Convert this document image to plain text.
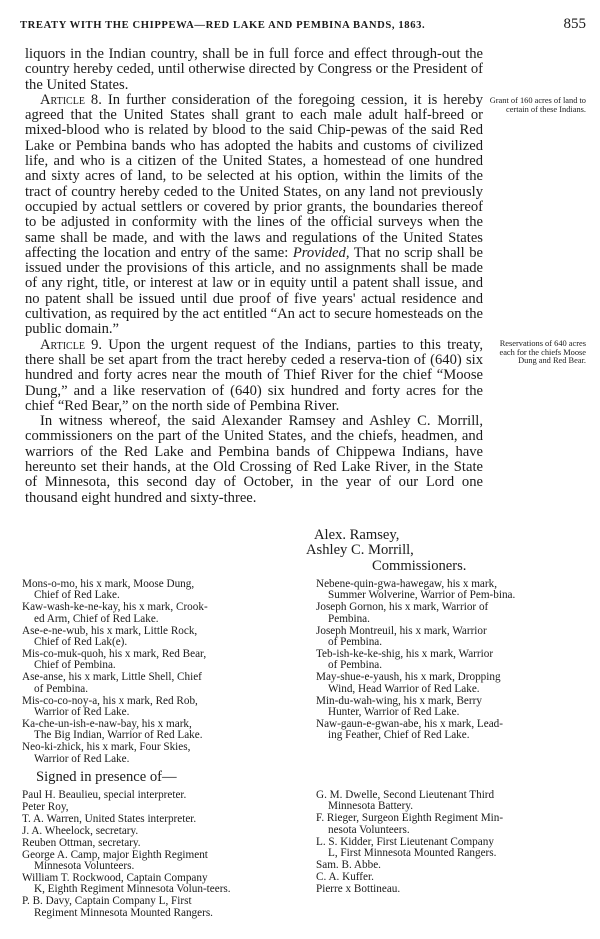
TREATY WITH THE CHIPPEWA—RED LAKE AND PEMBINA BANDS, 1863.	855

liquors in the Indian country, shall be in full force and effect through-out the country hereby ceded, until otherwise directed by Congress or the President of the United States.

Article 8. In further consideration of the foregoing cession, it is hereby agreed that the United States shall grant to each male adult half-breed or mixed-blood who is related by blood to the said Chip-pewas of the said Red Lake or Pembina bands who has adopted the habits and customs of civilized life, and who is a citizen of the United States, a homestead of one hundred and sixty acres of land, to be selected at his option, within the limits of the tract of country hereby ceded to the United States, on any land not previously occupied by actual settlers or covered by prior grants, the boundaries thereof to be adjusted in conformity with the lines of the official surveys when the same shall be made, and with the laws and regulations of the United States affecting the location and entry of the same: Provided, That no scrip shall be issued under the provisions of this article, and no assignments shall be made of any right, title, or interest at law or in equity until a patent shall issue, and no patent shall be issued until due proof of five years' actual residence and cultivation, as required by the act entitled “An act to secure homesteads on the public domain.”

Article 9. Upon the urgent request of the Indians, parties to this treaty, there shall be set apart from the tract hereby ceded a reserva-tion of (640) six hundred and forty acres near the mouth of Thief River for the chief “Moose Dung,” and a like reservation of (640) six hundred and forty acres for the chief “Red Bear,” on the north side of Pembina River.

In witness whereof, the said Alexander Ramsey and Ashley C. Morrill, commissioners on the part of the United States, and the chiefs, headmen, and warriors of the Red Lake and Pembina bands of Chippewa Indians, have hereunto set their hands, at the Old Crossing of Red Lake River, in the State of Minnesota, this second day of October, in the year of our Lord one thousand eight hundred and sixty-three.

Grant of 160 acres of land to certain of these Indians.
Reservations of 640 acres each for the chiefs Moose Dung and Red Bear.
Alex. Ramsey,
Ashley C. Morrill,
Commissioners.
Mons-o-mo, his x mark, Moose Dung,
Chief of Red Lake.
Kaw-wash-ke-ne-kay, his x mark, Crook-
ed Arm, Chief of Red Lake.
Ase-e-ne-wub, his x mark, Little Rock,
Chief of Red Lak(e).
Mis-co-muk-quoh, his x mark, Red Bear,
Chief of Pembina.
Ase-anse, his x mark, Little Shell, Chief
of Pembina.
Mis-co-co-noy-a, his x mark, Red Rob,
Warrior of Red Lake.
Ka-che-un-ish-e-naw-bay, his x mark,
The Big Indian, Warrior of Red Lake.
Neo-ki-zhick, his x mark, Four Skies,
Warrior of Red Lake.
Nebene-quin-gwa-hawegaw, his x mark,
Summer Wolverine, Warrior of Pem-bina.
Joseph Gornon, his x mark, Warrior of
Pembina.
Joseph Montreuil, his x mark, Warrior
of Pembina.
Teb-ish-ke-ke-shig, his x mark, Warrior
of Pembina.
May-shue-e-yaush, his x mark, Dropping
Wind, Head Warrior of Red Lake.
Min-du-wah-wing, his x mark, Berry
Hunter, Warrior of Red Lake.
Naw-gaun-e-gwan-abe, his x mark, Lead-
ing Feather, Chief of Red Lake.
Signed in presence of—
Paul H. Beaulieu, special interpreter.
Peter Roy,
T. A. Warren, United States interpreter.
J. A. Wheelock, secretary.
Reuben Ottman, secretary.
George A. Camp, major Eighth Regiment
Minnesota Volunteers.
William T. Rockwood, Captain Company
K, Eighth Regiment Minnesota Volun-teers.
P. B. Davy, Captain Company L, First
Regiment Minnesota Mounted Rangers.
G. M. Dwelle, Second Lieutenant Third
Minnesota Battery.
F. Rieger, Surgeon Eighth Regiment Min-
nesota Volunteers.
L. S. Kidder, First Lieutenant Company
L, First Minnesota Mounted Rangers.
Sam. B. Abbe.
C. A. Kuffer.
Pierre x Bottineau.
